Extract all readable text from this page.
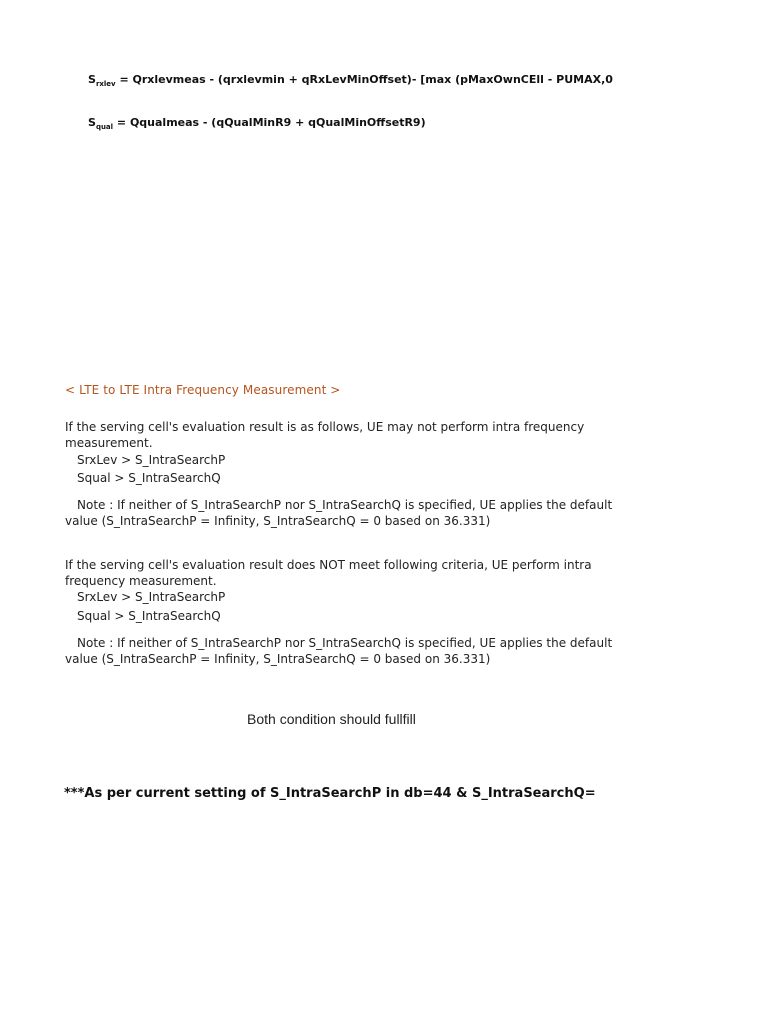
$S_{rxlev}$ = Qrxlevmeas - (qrxlevmin + qRxLevMinOffset)- [max (pMaxOwnCEll - PUMAX,0
$S_{qual}$ = Qqualmeas - (qQualMinR9 + qQualMinOffsetR9)
< LTE to LTE Intra Frequency Measurement >
If the serving cell's evaluation result is as follows, UE may not perform intra frequency measurement.
SrxLev > S_IntraSearchP
Squal > S_IntraSearchQ
Note : If neither of S_IntraSearchP nor S_IntraSearchQ is specified, UE applies the default value (S_IntraSearchP = Infinity, S_IntraSearchQ = 0 based on 36.331)
If the serving cell's evaluation result does NOT meet following criteria, UE perform intra frequency measurement.
SrxLev > S_IntraSearchP
Squal > S_IntraSearchQ
Note : If neither of S_IntraSearchP nor S_IntraSearchQ is specified, UE applies the default value (S_IntraSearchP = Infinity, S_IntraSearchQ = 0 based on 36.331)
Both condition should fullfill
***As per current setting of S_IntraSearchP in db=44 & S_IntraSearchQ=
